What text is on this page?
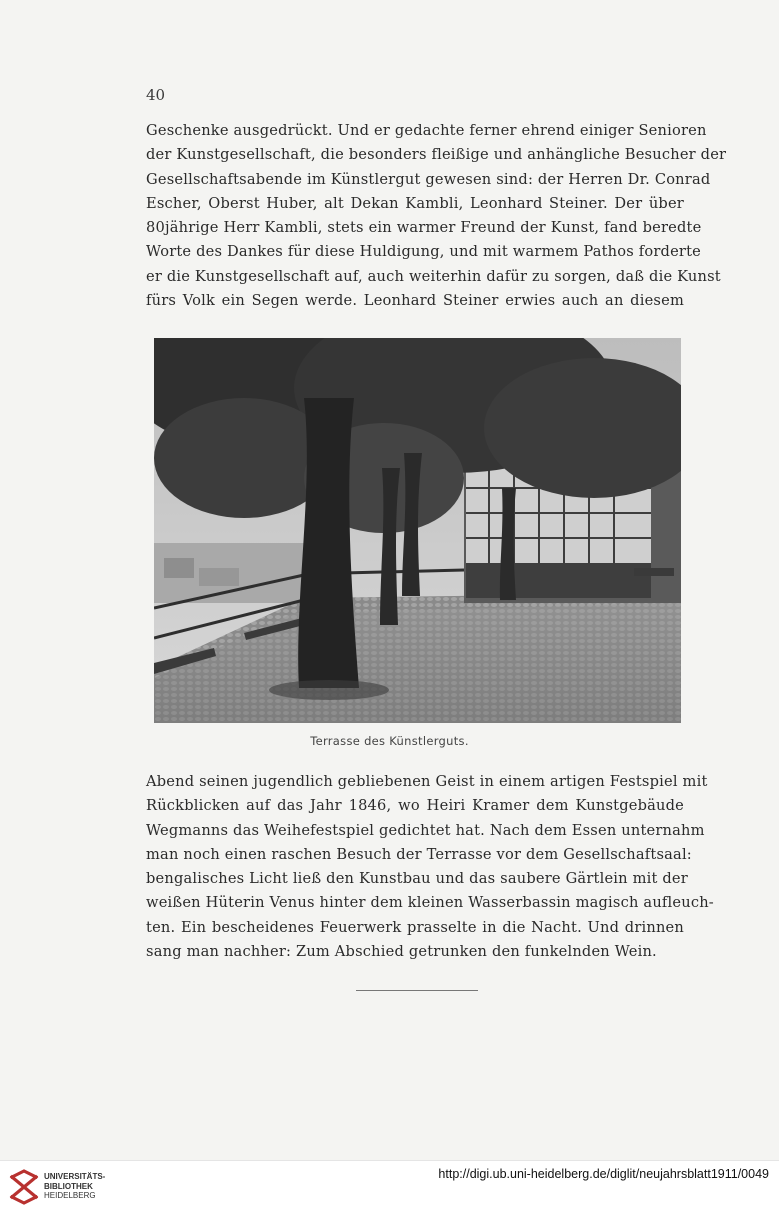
40
Geschenke ausgedrückt. Und er gedachte ferner ehrend einiger Senioren
der Kunstgesellschaft, die besonders fleißige und anhängliche Besucher der
Gesellschaftsabende im Künstlergut gewesen sind: der Herren Dr. Conrad
Escher, Oberst Huber, alt Dekan Kambli, Leonhard Steiner. Der über
80jährige Herr Kambli, stets ein warmer Freund der Kunst, fand beredte
Worte des Dankes für diese Huldigung, und mit warmem Pathos forderte
er die Kunstgesellschaft auf, auch weiterhin dafür zu sorgen, daß die Kunst
fürs Volk ein Segen werde. Leonhard Steiner erwies auch an diesem
Terrasse des Künstlerguts.
Abend seinen jugendlich gebliebenen Geist in einem artigen Festspiel mit
Rückblicken auf das Jahr 1846, wo Heiri Kramer dem Kunstgebäude
Wegmanns das Weihefestspiel gedichtet hat. Nach dem Essen unternahm
man noch einen raschen Besuch der Terrasse vor dem Gesellschaftsaal:
bengalisches Licht ließ den Kunstbau und das saubere Gärtlein mit der
weißen Hüterin Venus hinter dem kleinen Wasserbassin magisch aufleuch-
ten. Ein bescheidenes Feuerwerk prasselte in die Nacht. Und drinnen
sang man nachher: Zum Abschied getrunken den funkelnden Wein.
UNIVERSITÄTS-
BIBLIOTHEK
HEIDELBERG
http://digi.ub.uni-heidelberg.de/diglit/neujahrsblatt1911/0049
